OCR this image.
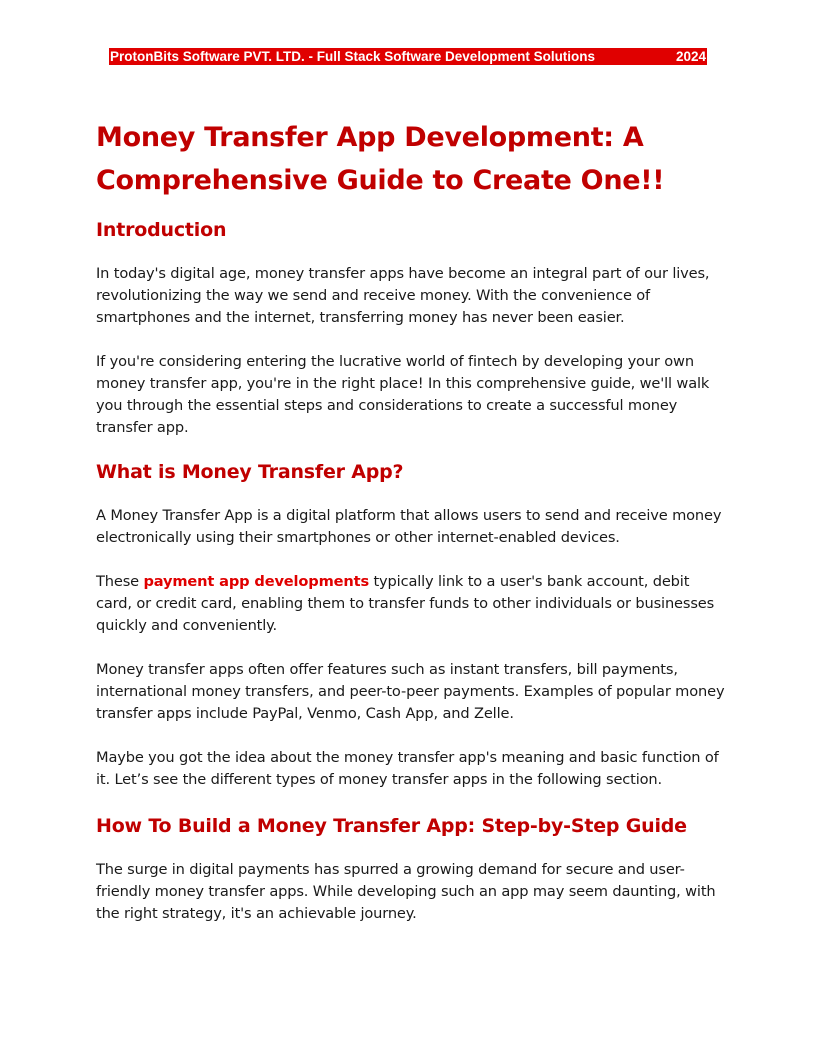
ProtonBits Software PVT. LTD. - Full Stack Software Development Solutions	2024
Money Transfer App Development: A Comprehensive Guide to Create One!!
Introduction

In today's digital age, money transfer apps have become an integral part of our lives, revolutionizing the way we send and receive money. With the convenience of smartphones and the internet, transferring money has never been easier.

If you're considering entering the lucrative world of fintech by developing your own money transfer app, you're in the right place! In this comprehensive guide, we'll walk you through the essential steps and considerations to create a successful money transfer app.

What is Money Transfer App?

A Money Transfer App is a digital platform that allows users to send and receive money electronically using their smartphones or other internet-enabled devices.

These payment app developments typically link to a user's bank account, debit card, or credit card, enabling them to transfer funds to other individuals or businesses quickly and conveniently.

Money transfer apps often offer features such as instant transfers, bill payments, international money transfers, and peer-to-peer payments. Examples of popular money transfer apps include PayPal, Venmo, Cash App, and Zelle.

Maybe you got the idea about the money transfer app's meaning and basic function of it. Let’s see the different types of money transfer apps in the following section.

How To Build a Money Transfer App: Step-by-Step Guide

The surge in digital payments has spurred a growing demand for secure and user-friendly money transfer apps. While developing such an app may seem daunting, with the right strategy, it's an achievable journey.
